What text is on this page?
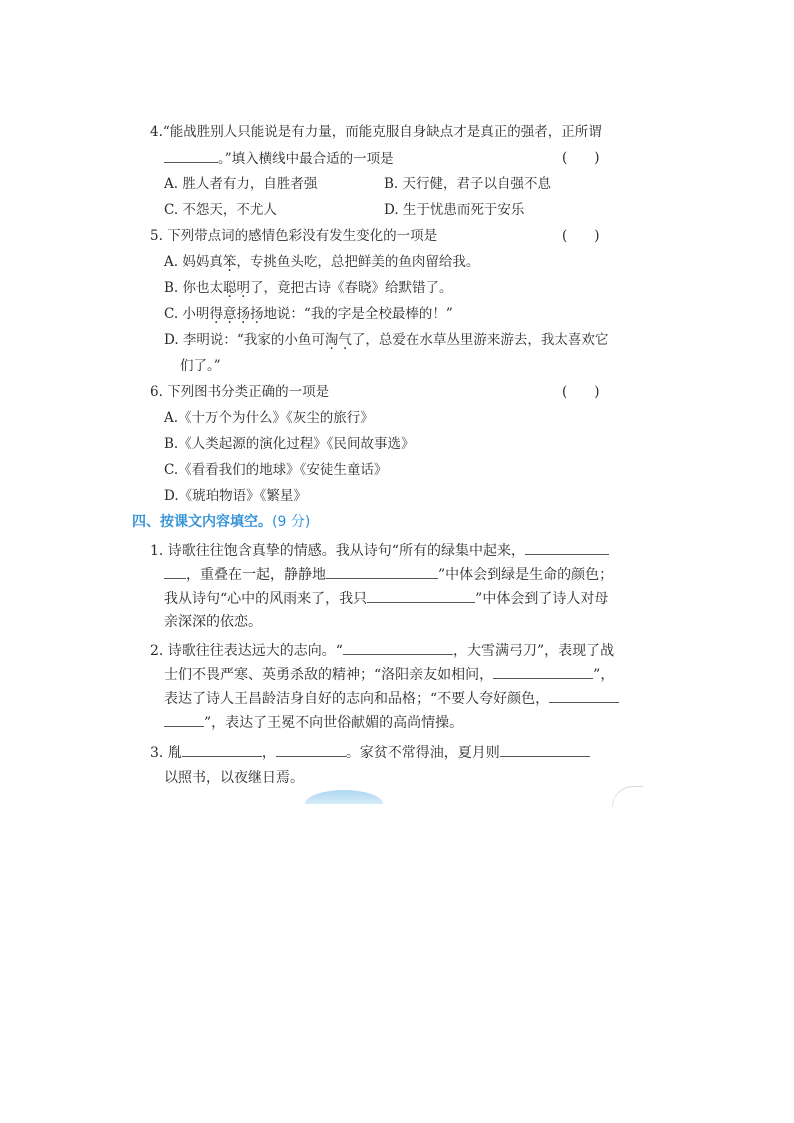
4.“能战胜别人只能说是有力量，而能克服自身缺点才是真正的强者，正所谓
。”填入横线中最合适的一项是	(　　)
A. 胜人者有力，自胜者强	B. 天行健，君子以自强不息
C. 不怨天，不尤人	D. 生于忧患而死于安乐
5. 下列带点词的感情色彩没有发生变化的一项是	(　　)
A. 妈妈真笨，专挑鱼头吃，总把鲜美的鱼肉留给我。
B. 你也太聪明了，竟把古诗《春晓》给默错了。
C. 小明得意扬扬地说：“我的字是全校最棒的！”
D. 李明说：“我家的小鱼可淘气了，总爱在水草丛里游来游去，我太喜欢它
们了。”
6. 下列图书分类正确的一项是	(　　)
A.《十万个为什么》《灰尘的旅行》
B.《人类起源的演化过程》《民间故事选》
C.《看看我们的地球》《安徒生童话》
D.《琥珀物语》《繁星》
四、按课文内容填空。(9 分)
1. 诗歌往往饱含真挚的情感。我从诗句“所有的绿集中起来，
，重叠在一起，静静地	”中体会到绿是生命的颜色；
我从诗句“心中的风雨来了，我只	”中体会到了诗人对母
亲深深的依恋。
2. 诗歌往往表达远大的志向。“	，大雪满弓刀”，表现了战
士们不畏严寒、英勇杀敌的精神；“洛阳亲友如相问，	”，
表达了诗人王昌龄洁身自好的志向和品格；“不要人夸好颜色，
”，表达了王冕不向世俗献媚的高尚情操。
3. 胤	，	。家贫不常得油，夏月则
以照书，以夜继日焉。
